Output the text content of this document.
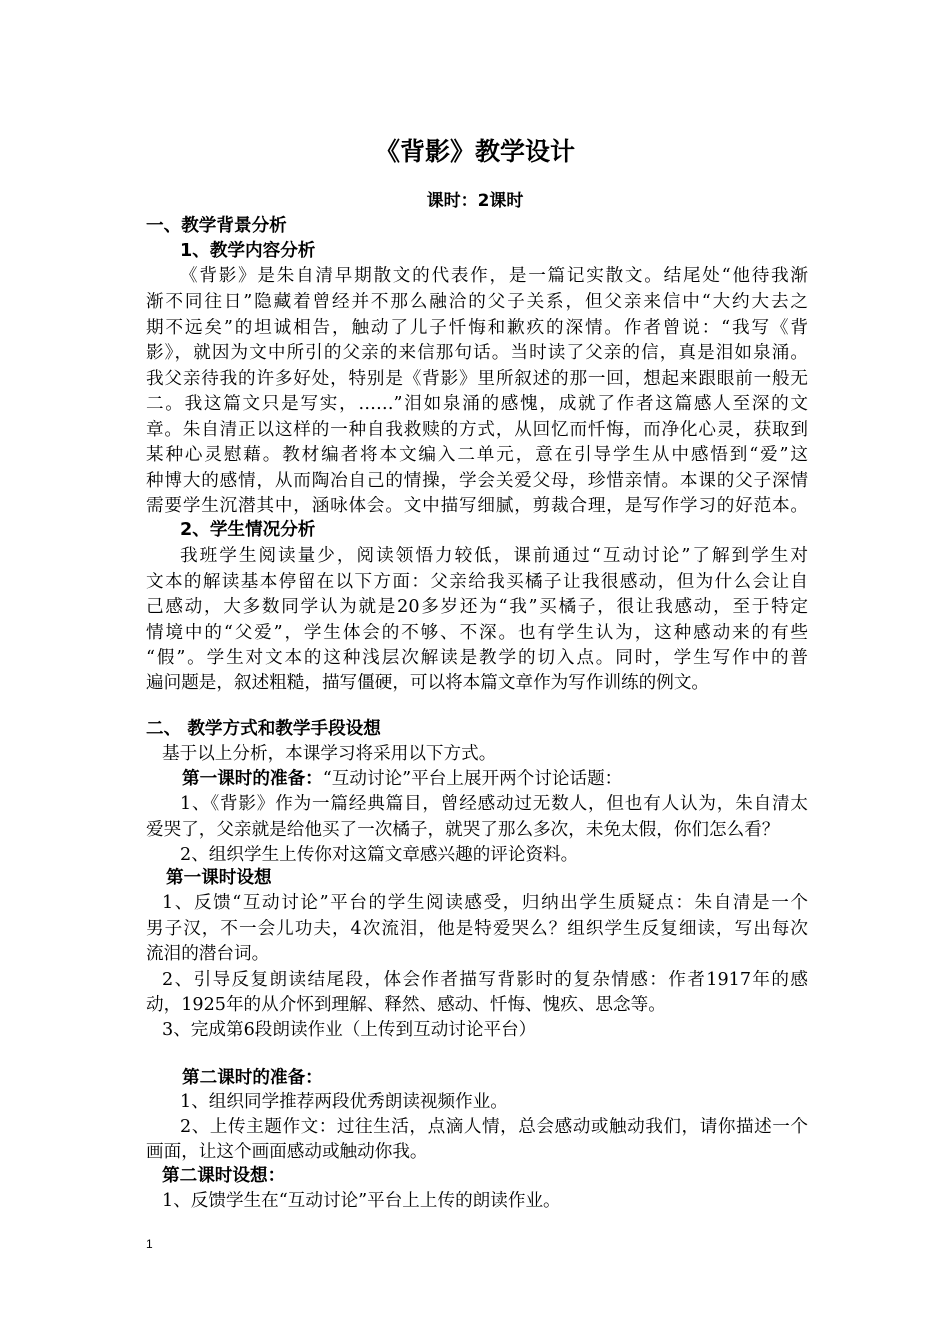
《背影》教学设计
课时：2课时
一、教学背景分析
1、教学内容分析
《背影》是朱自清早期散文的代表作，是一篇记实散文。结尾处“他待我渐
渐不同往日”隐藏着曾经并不那么融洽的父子关系，但父亲来信中“大约大去之
期不远矣”的坦诚相告，触动了儿子忏悔和歉疚的深情。作者曾说：“我写《背
影》，就因为文中所引的父亲的来信那句话。当时读了父亲的信，真是泪如泉涌。
我父亲待我的许多好处，特别是《背影》里所叙述的那一回，想起来跟眼前一般无
二。我这篇文只是写实，……”泪如泉涌的感愧，成就了作者这篇感人至深的文
章。朱自清正以这样的一种自我救赎的方式，从回忆而忏悔，而净化心灵，获取到
某种心灵慰藉。教材编者将本文编入二单元，意在引导学生从中感悟到“爱”这
种博大的感情，从而陶冶自己的情操，学会关爱父母，珍惜亲情。本课的父子深情
需要学生沉潜其中，涵咏体会。文中描写细腻，剪裁合理，是写作学习的好范本。
2、学生情况分析
我班学生阅读量少，阅读领悟力较低，课前通过“互动讨论”了解到学生对
文本的解读基本停留在以下方面：父亲给我买橘子让我很感动，但为什么会让自
己感动，大多数同学认为就是20多岁还为“我”买橘子，很让我感动，至于特定
情境中的“父爱”，学生体会的不够、不深。也有学生认为，这种感动来的有些
“假”。学生对文本的这种浅层次解读是教学的切入点。同时，学生写作中的普
遍问题是，叙述粗糙，描写僵硬，可以将本篇文章作为写作训练的例文。
二、 教学方式和教学手段设想
基于以上分析，本课学习将采用以下方式。
第一课时的准备：“互动讨论”平台上展开两个讨论话题：
1、《背影》作为一篇经典篇目，曾经感动过无数人，但也有人认为，朱自清太
爱哭了，父亲就是给他买了一次橘子，就哭了那么多次，未免太假，你们怎么看？
2、组织学生上传你对这篇文章感兴趣的评论资料。
第一课时设想
1、反馈“互动讨论”平台的学生阅读感受，归纳出学生质疑点：朱自清是一个
男子汉，不一会儿功夫，4次流泪，他是特爱哭么？组织学生反复细读，写出每次
流泪的潜台词。
2、引导反复朗读结尾段，体会作者描写背影时的复杂情感：作者1917年的感
动，1925年的从介怀到理解、释然、感动、忏悔、愧疚、思念等。
3、完成第6段朗读作业（上传到互动讨论平台）
第二课时的准备：
1、组织同学推荐两段优秀朗读视频作业。
2、上传主题作文：过往生活，点滴人情，总会感动或触动我们，请你描述一个
画面，让这个画面感动或触动你我。
第二课时设想：
1、反馈学生在“互动讨论”平台上上传的朗读作业。
1
